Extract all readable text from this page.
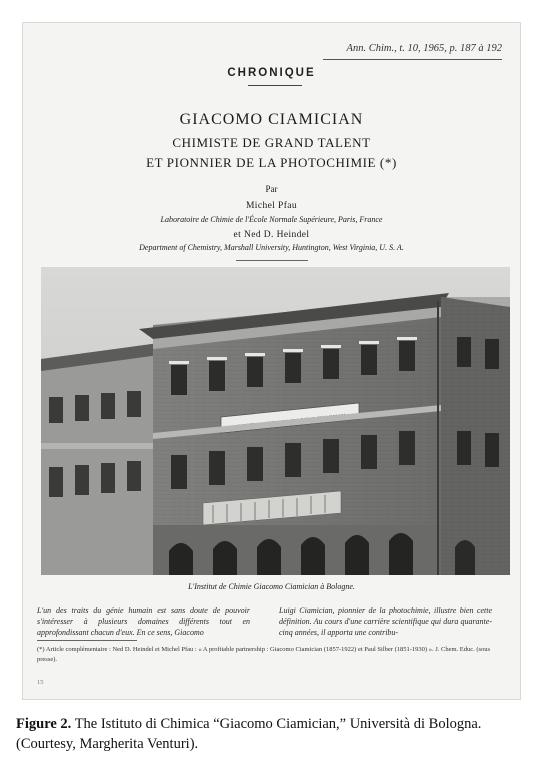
Ann. Chim., t. 10, 1965, p. 187 à 192
CHRONIQUE
GIACOMO CIAMICIAN
CHIMISTE DE GRAND TALENT
ET PIONNIER DE LA PHOTOCHIMIE (*)
Par
Michel Pfau
Laboratoire de Chimie de l'École Normale Supérieure, Paris, France
et Ned D. Heindel
Department of Chemistry, Marshall University, Huntington, West Virginia, U. S. A.
L'Institut de Chimie Giacomo Ciamician à Bologne.
L'un des traits du génie humain est sans doute de pouvoir s'intéresser à plusieurs domaines différents tout en approfondissant chacun d'eux. En ce sens, Giacomo
Luigi Ciamician, pionnier de la photochimie, illustre bien cette définition. Au cours d'une carrière scientifique qui dura quarante-cinq années, il apporta une contribu-
(*) Article complémentaire : Ned D. Heindel et Michel Pfau : « A profitable partnership : Giacomo Ciamician (1857-1922) et Paul Silber (1851-1930) ». J. Chem. Educ. (sous presse).
15
Figure 2. The Istituto di Chimica “Giacomo Ciamician,” Università di Bologna. (Courtesy, Margherita Venturi).
